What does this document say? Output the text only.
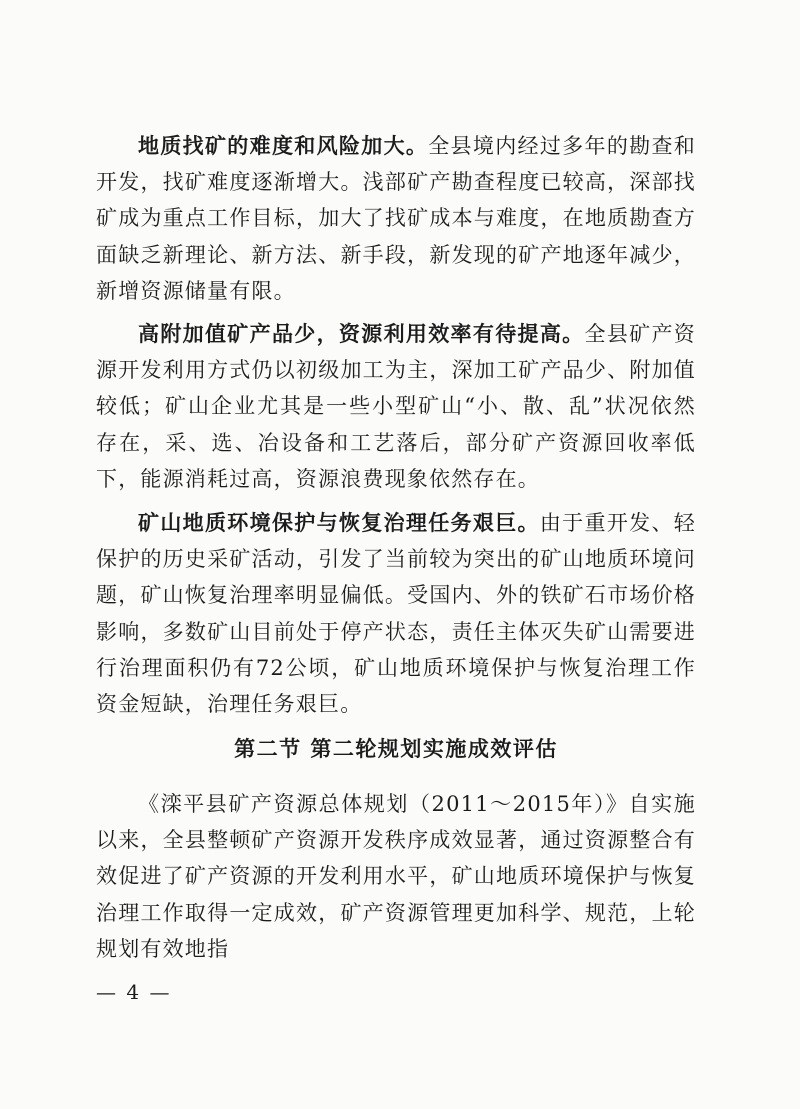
地质找矿的难度和风险加大。全县境内经过多年的勘查和开发，找矿难度逐渐增大。浅部矿产勘查程度已较高，深部找矿成为重点工作目标，加大了找矿成本与难度，在地质勘查方面缺乏新理论、新方法、新手段，新发现的矿产地逐年减少，新增资源储量有限。

高附加值矿产品少，资源利用效率有待提高。全县矿产资源开发利用方式仍以初级加工为主，深加工矿产品少、附加值较低；矿山企业尤其是一些小型矿山“小、散、乱”状况依然存在，采、选、冶设备和工艺落后，部分矿产资源回收率低下，能源消耗过高，资源浪费现象依然存在。

矿山地质环境保护与恢复治理任务艰巨。由于重开发、轻保护的历史采矿活动，引发了当前较为突出的矿山地质环境问题，矿山恢复治理率明显偏低。受国内、外的铁矿石市场价格影响，多数矿山目前处于停产状态，责任主体灭失矿山需要进行治理面积仍有72公顷，矿山地质环境保护与恢复治理工作资金短缺，治理任务艰巨。

第二节 第二轮规划实施成效评估

《滦平县矿产资源总体规划（2011～2015年）》自实施以来，全县整顿矿产资源开发秩序成效显著，通过资源整合有效促进了矿产资源的开发利用水平，矿山地质环境保护与恢复治理工作取得一定成效，矿产资源管理更加科学、规范，上轮规划有效地指

— 4 —
